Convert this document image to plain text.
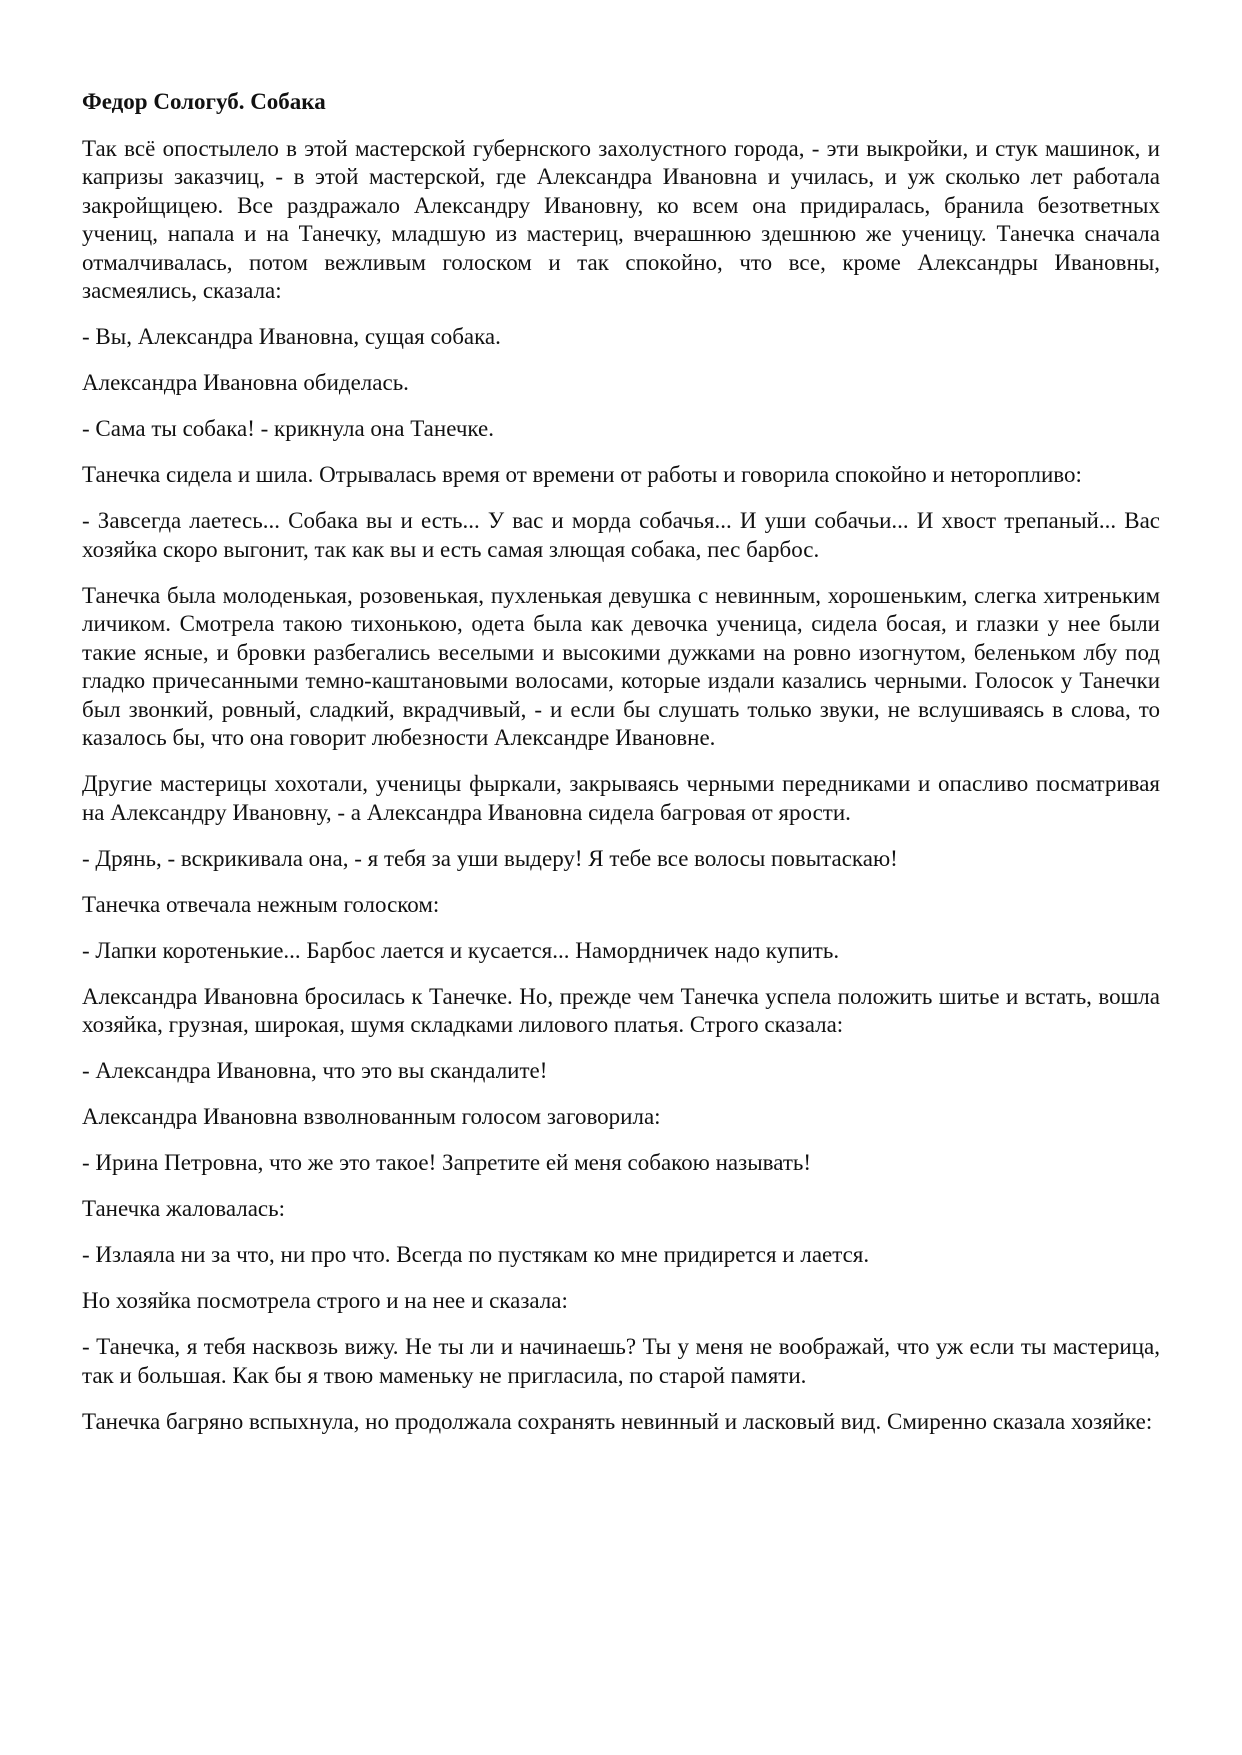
Федор Сологуб. Собака

Так всё опостылело в этой мастерской губернского захолустного города, - эти выкройки, и стук машинок, и капризы заказчиц, - в этой мастерской, где Александра Ивановна и училась, и уж сколько лет работала закройщицею. Все раздражало Александру Ивановну, ко всем она придиралась, бранила безответных учениц, напала и на Танечку, младшую из мастериц, вчерашнюю здешнюю же ученицу. Танечка сначала отмалчивалась, потом вежливым голоском и так спокойно, что все, кроме Александры Ивановны, засмеялись, сказала:

- Вы, Александра Ивановна, сущая собака.

Александра Ивановна обиделась.

- Сама ты собака! - крикнула она Танечке.

Танечка сидела и шила. Отрывалась время от времени от работы и говорила спокойно и неторопливо:

- Завсегда лаетесь... Собака вы и есть... У вас и морда собачья... И уши собачьи... И хвост трепаный... Вас хозяйка скоро выгонит, так как вы и есть самая злющая собака, пес барбос.

Танечка была молоденькая, розовенькая, пухленькая девушка с невинным, хорошеньким, слегка хитреньким личиком. Смотрела такою тихонькою, одета была как девочка ученица, сидела босая, и глазки у нее были такие ясные, и бровки разбегались веселыми и высокими дужками на ровно изогнутом, беленьком лбу под гладко причесанными темно-каштановыми волосами, которые издали казались черными. Голосок у Танечки был звонкий, ровный, сладкий, вкрадчивый, - и если бы слушать только звуки, не вслушиваясь в слова, то казалось бы, что она говорит любезности Александре Ивановне.

Другие мастерицы хохотали, ученицы фыркали, закрываясь черными передниками и опасливо посматривая на Александру Ивановну, - а Александра Ивановна сидела багровая от ярости.

- Дрянь, - вскрикивала она, - я тебя за уши выдеру! Я тебе все волосы повытаскаю!

Танечка отвечала нежным голоском:

- Лапки коротенькие... Барбос лается и кусается... Намордничек надо купить.

Александра Ивановна бросилась к Танечке. Но, прежде чем Танечка успела положить шитье и встать, вошла хозяйка, грузная, широкая, шумя складками лилового платья. Строго сказала:

- Александра Ивановна, что это вы скандалите!

Александра Ивановна взволнованным голосом заговорила:

- Ирина Петровна, что же это такое! Запретите ей меня собакою называть!

Танечка жаловалась:

- Излаяла ни за что, ни про что. Всегда по пустякам ко мне придирется и лается.

Но хозяйка посмотрела строго и на нее и сказала:

- Танечка, я тебя насквозь вижу. Не ты ли и начинаешь? Ты у меня не воображай, что уж если ты мастерица, так и большая. Как бы я твою маменьку не пригласила, по старой памяти.

Танечка багряно вспыхнула, но продолжала сохранять невинный и ласковый вид. Смиренно сказала хозяйке:
